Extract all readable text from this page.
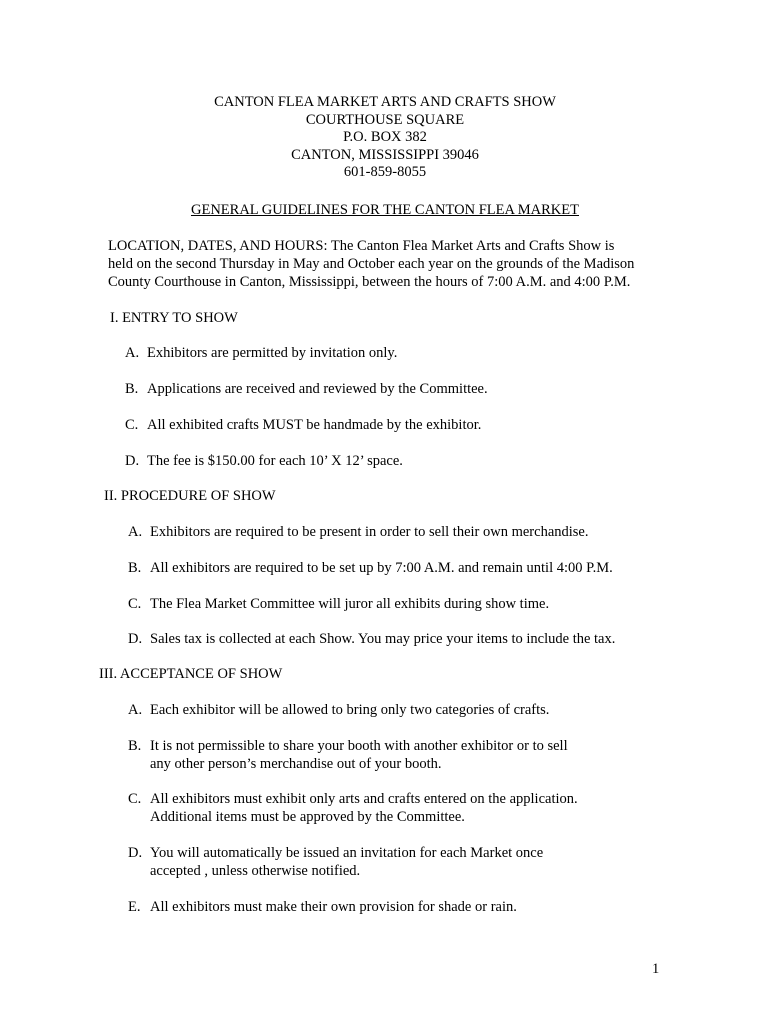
CANTON FLEA MARKET ARTS AND CRAFTS SHOW
COURTHOUSE SQUARE
P.O. BOX 382
CANTON, MISSISSIPPI 39046
601-859-8055
GENERAL GUIDELINES FOR THE CANTON FLEA MARKET
LOCATION, DATES, AND HOURS: The Canton Flea Market Arts and Crafts Show is
held on the second Thursday in May and October each year on the grounds of the Madison
County Courthouse in Canton, Mississippi, between the hours of 7:00 A.M. and 4:00 P.M.
I. ENTRY TO SHOW
A. Exhibitors are permitted by invitation only.
B. Applications are received and reviewed by the Committee.
C. All exhibited crafts MUST be handmade by the exhibitor.
D. The fee is $150.00 for each 10’ X 12’ space.
II. PROCEDURE OF SHOW
A. Exhibitors are required to be present in order to sell their own merchandise.
B. All exhibitors are required to be set up by 7:00 A.M. and remain until 4:00 P.M.
C. The Flea Market Committee will juror all exhibits during show time.
D. Sales tax is collected at each Show. You may price your items to include the tax.
III. ACCEPTANCE OF SHOW
A. Each exhibitor will be allowed to bring only two categories of crafts.
B. It is not permissible to share your booth with another exhibitor or to sell
any other person’s merchandise out of your booth.
C. All exhibitors must exhibit only arts and crafts entered on the application.
Additional items must be approved by the Committee.
D. You will automatically be issued an invitation for each Market once
accepted , unless otherwise notified.
E. All exhibitors must make their own provision for shade or rain.
1
